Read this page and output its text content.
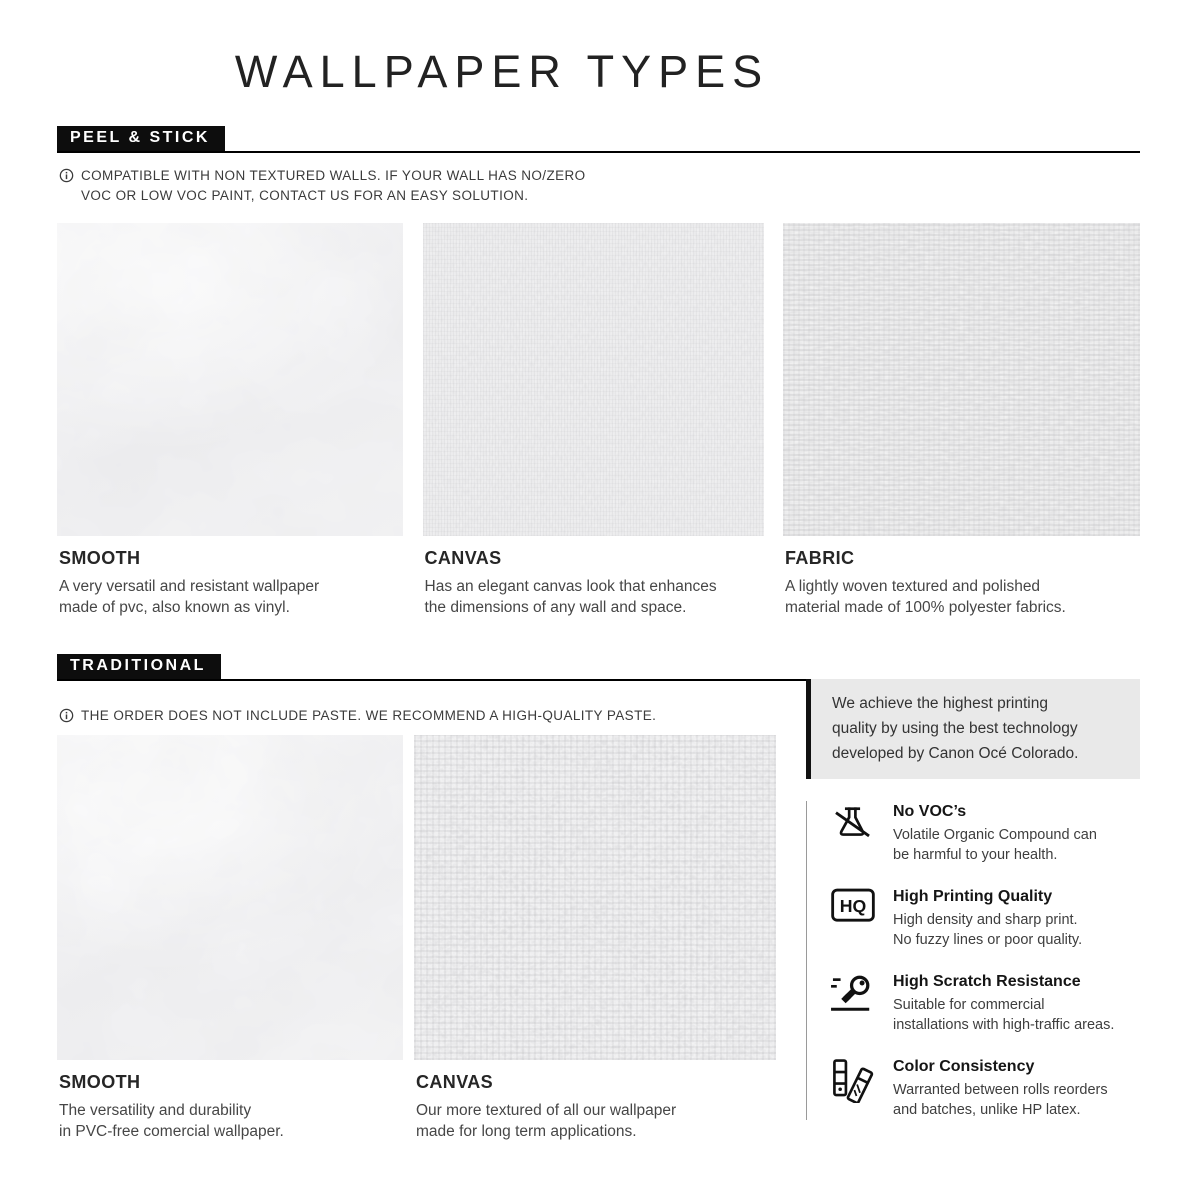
WALLPAPER TYPES
PEEL & STICK
COMPATIBLE WITH NON TEXTURED WALLS. IF YOUR WALL HAS NO/ZERO
VOC OR LOW VOC PAINT, CONTACT US FOR AN EASY SOLUTION.
SMOOTH

A very versatil and resistant wallpaper
made of pvc, also known as vinyl.

CANVAS

Has an elegant canvas look that enhances
the dimensions of any wall and space.

FABRIC

A lightly woven textured and polished
material made of 100% polyester fabrics.

TRADITIONAL
THE ORDER DOES NOT INCLUDE PASTE. WE RECOMMEND A HIGH-QUALITY PASTE.
SMOOTH

The versatility and durability
in PVC-free comercial wallpaper.

CANVAS

Our more textured of all our wallpaper
made for long term applications.

We achieve the highest printing
quality by using the best technology
developed by Canon Océ Colorado.

No VOC’s

Volatile Organic Compound can
be harmful to your health.

HQ High Printing Quality

High density and sharp print.
No fuzzy lines or poor quality.

High Scratch Resistance

Suitable for commercial
installations with high-traffic areas.

Color Consistency

Warranted between rolls reorders
and batches, unlike HP latex.
